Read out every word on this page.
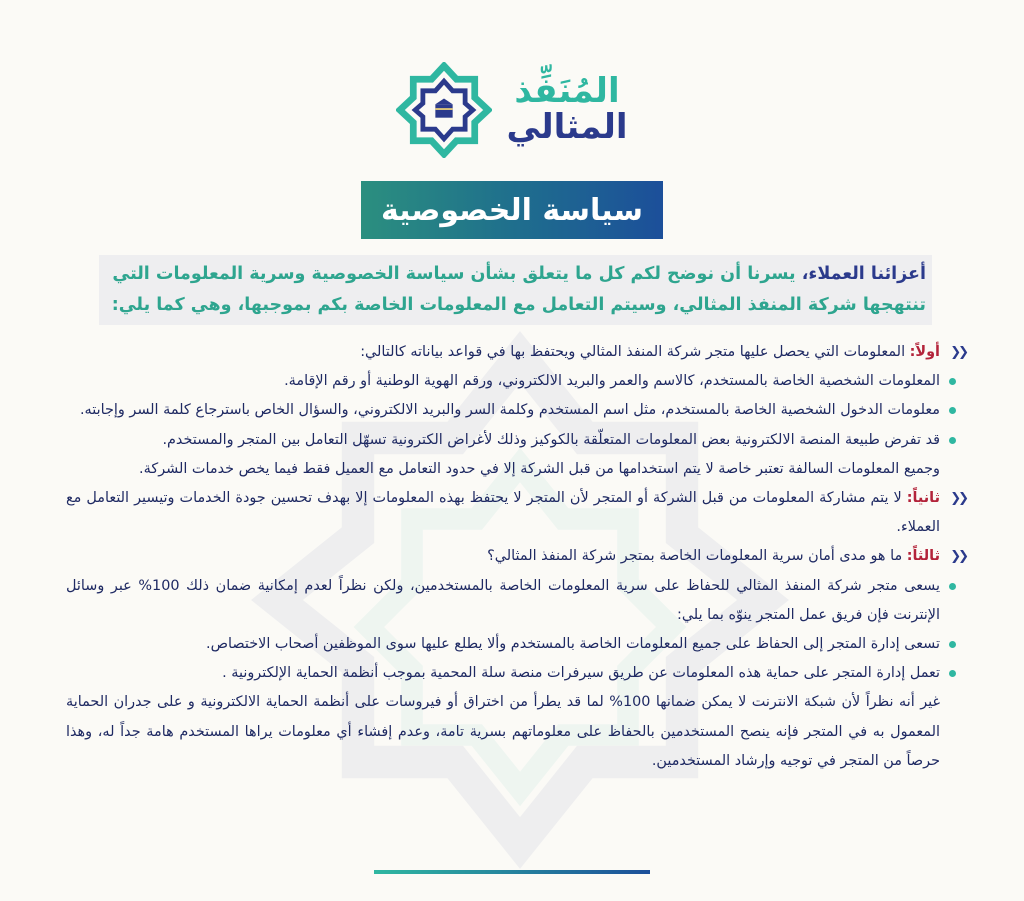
المُنَفِّذ
المثالي
سياسة الخصوصية
أعزائنا العملاء، يسرنا أن نوضح لكم كل ما يتعلق بشأن سياسة الخصوصية وسرية المعلومات التي تنتهجها شركة المنفذ المثالي، وسيتم التعامل مع المعلومات الخاصة بكم بموجبها، وهي كما يلي:

❮❮
أولاً: المعلومات التي يحصل عليها متجر شركة المنفذ المثالي ويحتفظ بها في قواعد بياناته كالتالي:

المعلومات الشخصية الخاصة بالمستخدم، كالاسم والعمر والبريد الالكتروني، ورقم الهوية الوطنية أو رقم الإقامة.

معلومات الدخول الشخصية الخاصة بالمستخدم، مثل اسم المستخدم وكلمة السر والبريد الالكتروني، والسؤال الخاص باسترجاع كلمة السر وإجابته.

قد تفرض طبيعة المنصة الالكترونية بعض المعلومات المتعلّقة بالكوكيز وذلك لأغراض الكترونية تسهّل التعامل بين المتجر والمستخدم.

وجميع المعلومات السالفة تعتبر خاصة لا يتم استخدامها من قبل الشركة إلا في حدود التعامل مع العميل فقط فيما يخص خدمات الشركة.

❮❮
ثانياً: لا يتم مشاركة المعلومات من قبل الشركة أو المتجر لأن المتجر لا يحتفظ بهذه المعلومات إلا بهدف تحسين جودة الخدمات وتيسير التعامل مع العملاء.

❮❮
ثالثاً: ما هو مدى أمان سرية المعلومات الخاصة بمتجر شركة المنفذ المثالي؟

يسعى متجر شركة المنفذ المثالي للحفاظ على سرية المعلومات الخاصة بالمستخدمين، ولكن نظراً لعدم إمكانية ضمان ذلك 100% عبر وسائل الإنترنت فإن فريق عمل المتجر ينوّه بما يلي:

تسعى إدارة المتجر إلى الحفاظ على جميع المعلومات الخاصة بالمستخدم وألا يطلع عليها سوى الموظفين أصحاب الاختصاص.

تعمل إدارة المتجر على حماية هذه المعلومات عن طريق سيرفرات منصة سلة المحمية بموجب أنظمة الحماية الإلكترونية .

غير أنه نظراً لأن شبكة الانترنت لا يمكن ضمانها 100% لما قد يطرأ من اختراق أو فيروسات على أنظمة الحماية الالكترونية و على جدران الحماية المعمول به في المتجر فإنه ينصح المستخدمين بالحفاظ على معلوماتهم بسرية تامة، وعدم إفشاء أي معلومات يراها المستخدم هامة جداً له، وهذا حرصاً من المتجر في توجيه وإرشاد المستخدمين.
